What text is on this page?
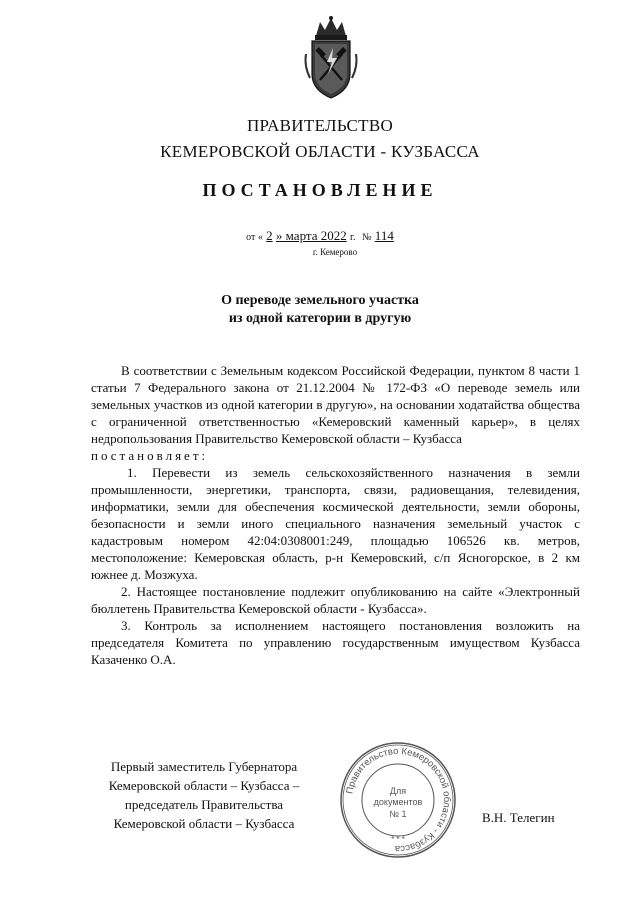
ПРАВИТЕЛЬСТВО
КЕМЕРОВСКОЙ ОБЛАСТИ - КУЗБАССА
ПОСТАНОВЛЕНИЕ
от « 2 » марта 2022 г. № 114
г. Кемерово
О переводе земельного участка
из одной категории в другую

В соответствии с Земельным кодексом Российской Федерации, пунктом 8 части 1 статьи 7 Федерального закона от 21.12.2004 № 172-ФЗ «О переводе земель или земельных участков из одной категории в другую», на основании ходатайства общества с ограниченной ответственностью «Кемеровский каменный карьер», в целях недропользования Правительство Кемеровской области – Кузбасса

постановляет:

1. Перевести из земель сельскохозяйственного назначения в земли промышленности, энергетики, транспорта, связи, радиовещания, телевидения, информатики, земли для обеспечения космической деятельности, земли обороны, безопасности и земли иного специального назначения земельный участок с кадастровым номером 42:04:0308001:249, площадью 106526 кв. метров, местоположение: Кемеровская область, р-н Кемеровский, с/п Ясногорское, в 2 км южнее д. Мозжуха.

2. Настоящее постановление подлежит опубликованию на сайте «Электронный бюллетень Правительства Кемеровской области - Кузбасса».

3. Контроль за исполнением настоящего постановления возложить на председателя Комитета по управлению государственным имуществом Кузбасса Казаченко О.А.

Первый заместитель Губернатора
Кемеровской области – Кузбасса –
председатель Правительства
Кемеровской области – Кузбасса
Правительство Кемеровской области - Кузбасса
Для
документов
№ 1
* * *
В.Н. Телегин
